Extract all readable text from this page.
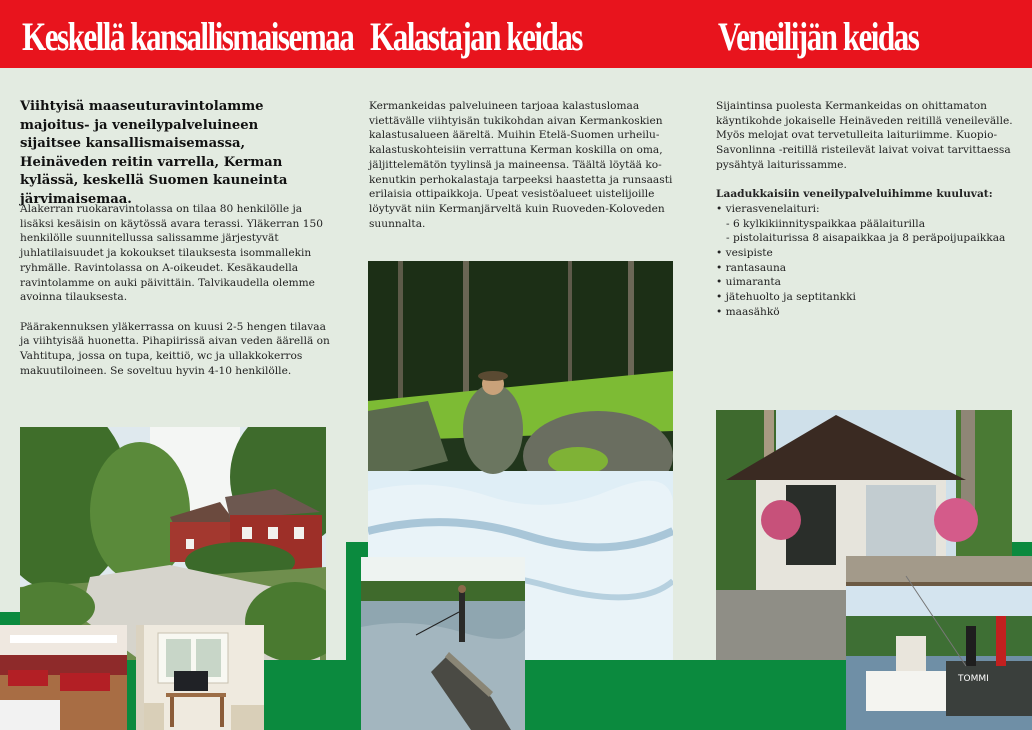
Keskellä kansallismaisemaa Kalastajan keidas	Veneilijän keidas
Viihtyisä maaseuturavintolamme majoitus- ja veneilypalveluineen sijaitsee kansallismaisemassa, Heinäveden reitin varrella, Kerman kylässä, keskellä Suomen kauneinta järvimaisemaa.

Alakerran ruokaravintolassa on tilaa 80 henkilölle ja lisäksi kesäisin on käytössä avara terassi. Yläkerran 150 henkilölle suunnitellussa salissamme järjestyvät juhlatilaisuudet ja kokoukset tilauksesta isommallekin ryhmälle. Ravintolassa on A-oikeudet. Kesäkaudella ravintolamme on auki päivittäin. Talvikaudella olemme avoinna tilauksesta.

Päärakennuksen yläkerrassa on kuusi 2-5 hengen tilavaa ja viihtyisää huonetta. Pihapiirissä aivan veden äärellä on Vahtitupa, jossa on tupa, keittiö, wc ja ullakkokerros makuutiloineen. Se soveltuu hyvin 4-10 henkilölle.

Kermankeidas palveluineen tarjoaa kalastuslomaa viettävälle viihtyisän tukikohdan aivan Kermankoskien kalastusalueen ääreltä. Muihin Etelä-Suomen urheilu-kalastuskohteisiin verrattuna Kerman koskilla on oma, jäljittelemätön tyylinsä ja maineensa. Täältä löytää ko-kenutkin perhokalastaja tarpeeksi haastetta ja runsaasti erilaisia ottipaikkoja. Upeat vesistöalueet uistelijoille löytyvät niin Kermanjärveltä kuin Ruoveden-Koloveden suunnalta.

Sijaintinsa puolesta Kermankeidas on ohittamaton käyntikohde jokaiselle Heinäveden reitillä veneilevälle. Myös melojat ovat tervetulleita laituriimme. Kuopio-Savonlinna -reitillä risteilevät laivat voivat tarvittaessa pysähtyä laiturissamme.

Laadukkaisiin veneilypalveluihimme kuuluvat:

• vierasvenelaituri:
- 6 kylkikiinnityspaikkaa päälaiturilla
- pistolaiturissa 8 aisapaikkaa ja 8 peräpoijupaikkaa
• vesipiste
• rantasauna
• uimaranta
• jätehuolto ja septitankki
• maasähkö
TOMMI
